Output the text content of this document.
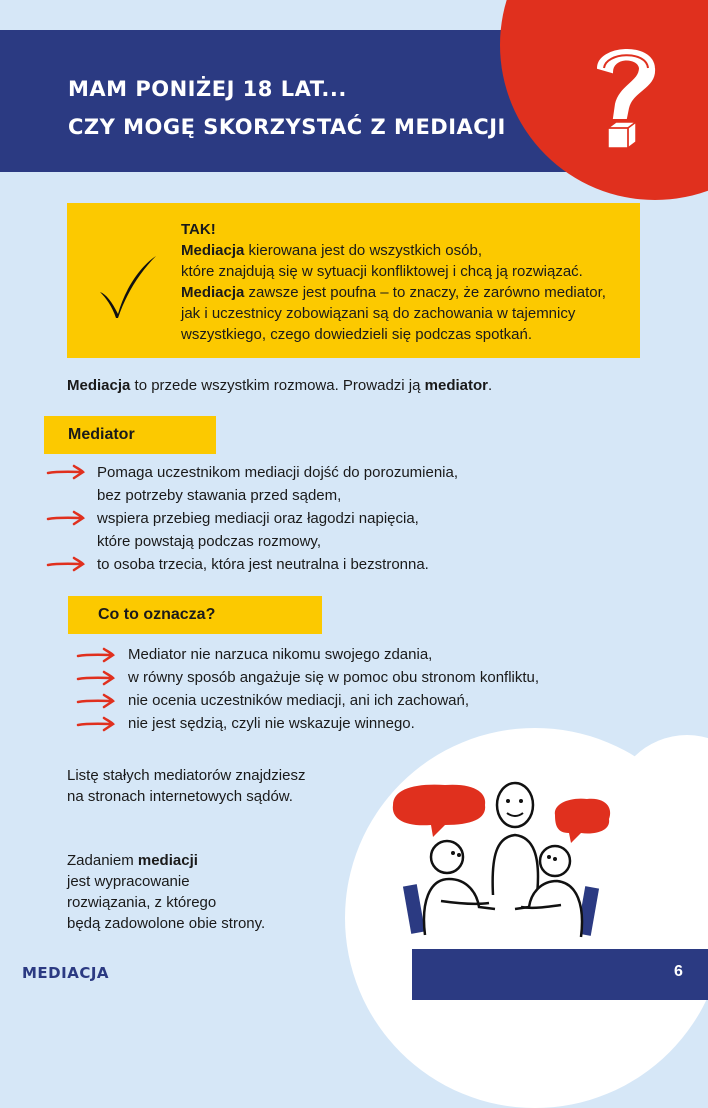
MAM PONIŻEJ 18 LAT...
CZY MOGĘ SKORZYSTAĆ Z MEDIACJI
TAK!
Mediacja kierowana jest do wszystkich osób,
które znajdują się w sytuacji konfliktowej i chcą ją rozwiązać.
Mediacja zawsze jest poufna – to znaczy, że zarówno mediator,
jak i uczestnicy zobowiązani są do zachowania w tajemnicy
wszystkiego, czego dowiedzieli się podczas spotkań.
Mediacja to przede wszystkim rozmowa. Prowadzi ją mediator.
Mediator
Pomaga uczestnikom mediacji dojść do porozumienia,
bez potrzeby stawania przed sądem,
wspiera przebieg mediacji oraz łagodzi napięcia,
które powstają podczas rozmowy,
to osoba trzecia, która jest neutralna i bezstronna.
Co to oznacza?
Mediator nie narzuca nikomu swojego zdania,
w równy sposób angażuje się w pomoc obu stronom konfliktu,
nie ocenia uczestników mediacji, ani ich zachowań,
nie jest sędzią, czyli nie wskazuje winnego.
Listę stałych mediatorów znajdziesz
na stronach internetowych sądów.
Zadaniem mediacji
jest wypracowanie
rozwiązania, z którego
będą zadowolone obie strony.
MEDIACJA	6
